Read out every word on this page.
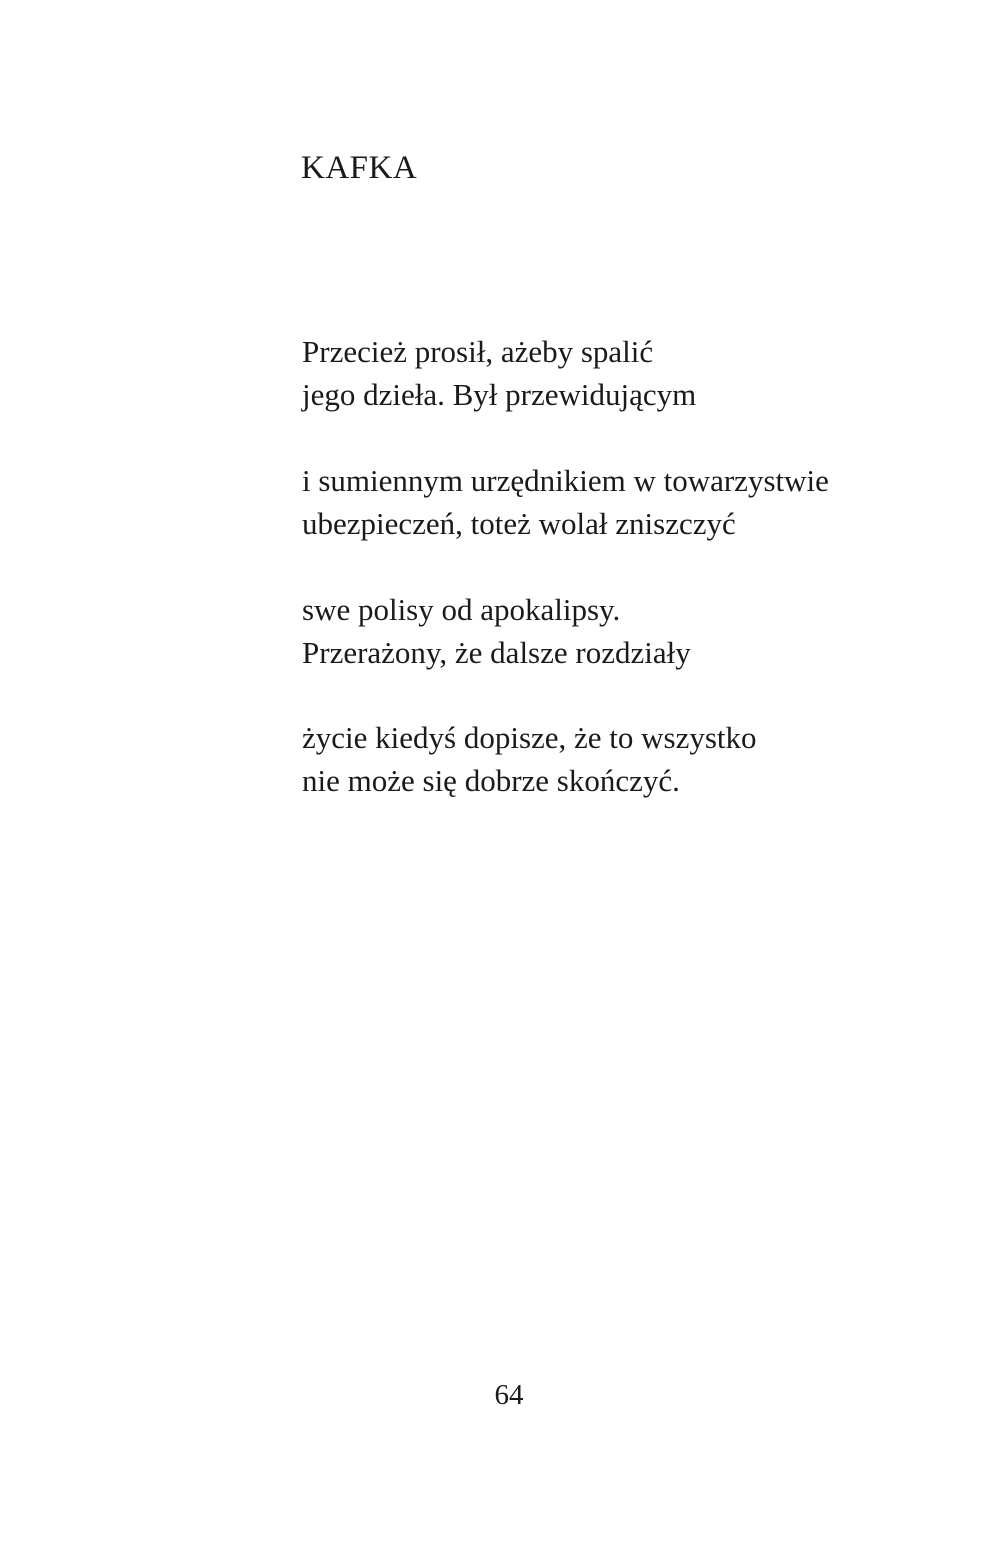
KAFKA

Przecież prosił, ażeby spalić
jego dzieła. Był przewidującym

i sumiennym urzędnikiem w towarzystwie
ubezpieczeń, toteż wolał zniszczyć

swe polisy od apokalipsy.
Przerażony, że dalsze rozdziały

życie kiedyś dopisze, że to wszystko
nie może się dobrze skończyć.

64
